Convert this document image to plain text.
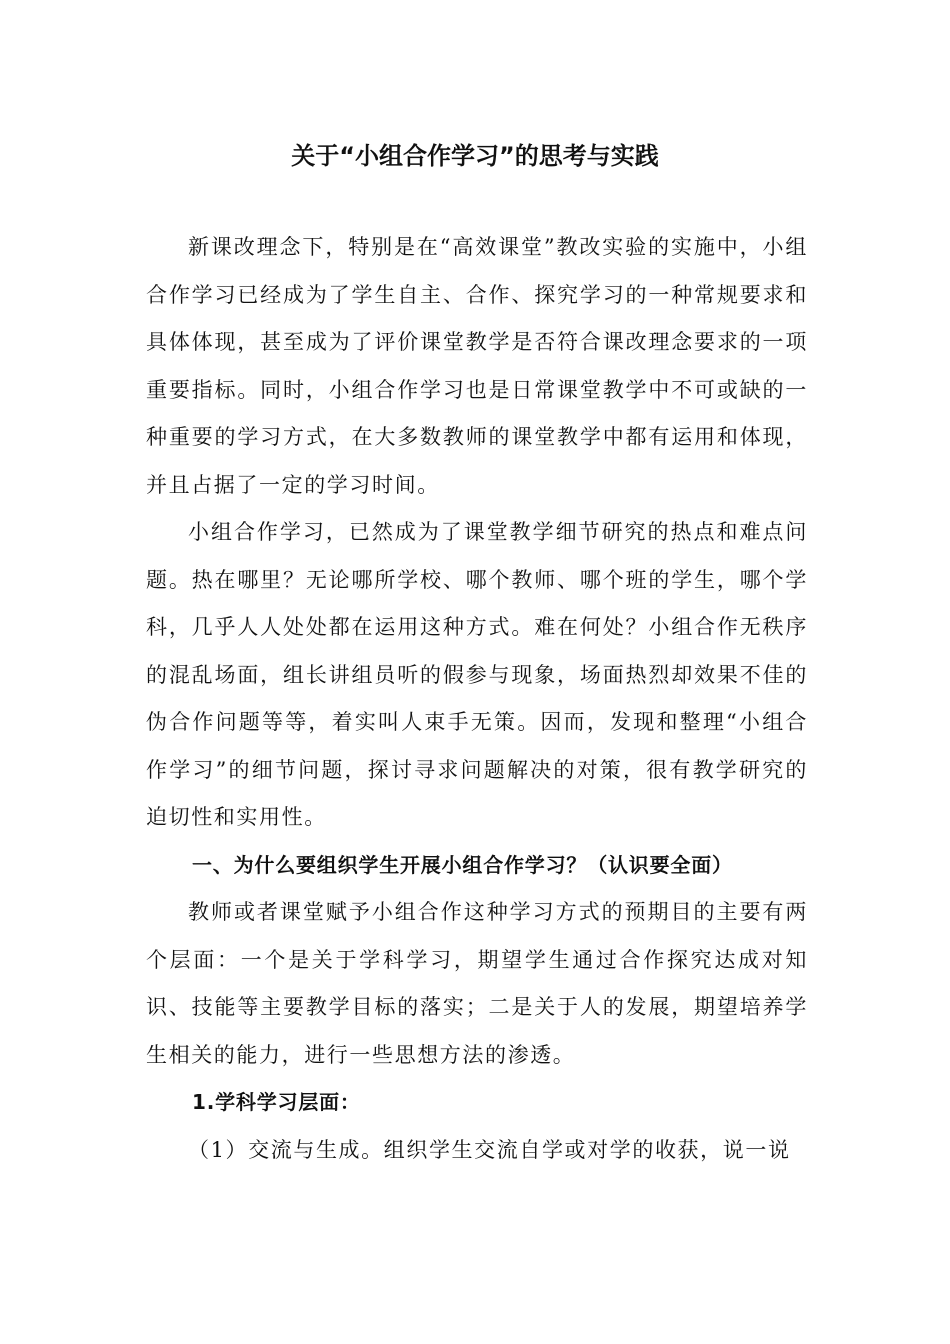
关于“小组合作学习”的思考与实践

新课改理念下，特别是在“高效课堂”教改实验的实施中，小组合作学习已经成为了学生自主、合作、探究学习的一种常规要求和具体体现，甚至成为了评价课堂教学是否符合课改理念要求的一项重要指标。同时，小组合作学习也是日常课堂教学中不可或缺的一种重要的学习方式，在大多数教师的课堂教学中都有运用和体现，并且占据了一定的学习时间。

小组合作学习，已然成为了课堂教学细节研究的热点和难点问题。热在哪里？无论哪所学校、哪个教师、哪个班的学生，哪个学科，几乎人人处处都在运用这种方式。难在何处？小组合作无秩序的混乱场面，组长讲组员听的假参与现象，场面热烈却效果不佳的伪合作问题等等，着实叫人束手无策。因而，发现和整理“小组合作学习”的细节问题，探讨寻求问题解决的对策，很有教学研究的迫切性和实用性。

一、为什么要组织学生开展小组合作学习？（认识要全面）

教师或者课堂赋予小组合作这种学习方式的预期目的主要有两个层面：一个是关于学科学习，期望学生通过合作探究达成对知识、技能等主要教学目标的落实；二是关于人的发展，期望培养学生相关的能力，进行一些思想方法的渗透。

1.学科学习层面：

（1）交流与生成。组织学生交流自学或对学的收获，说一说
